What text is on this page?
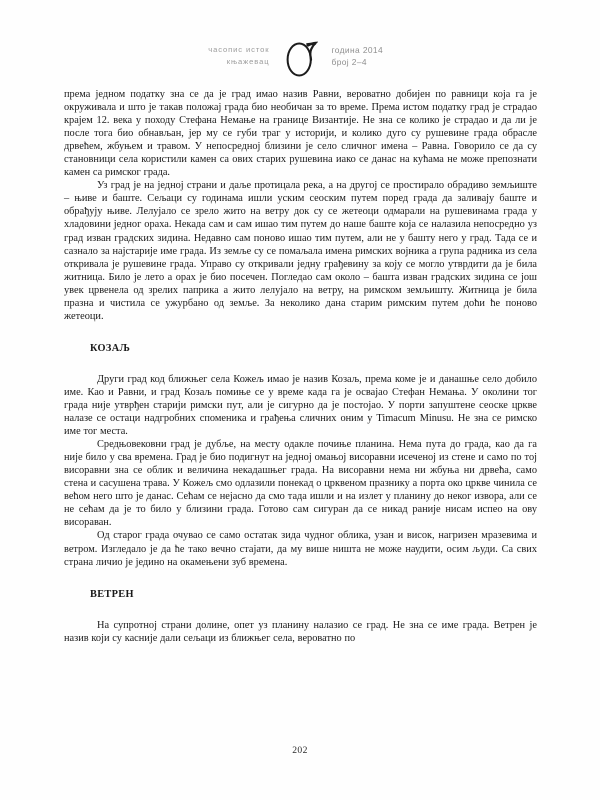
часопис исток
књажевац
година 2014
број 2–4

према једном податку зна се да је град имао назив Равни, вероватно добијен по равници која га је окруживала и што је такав положај града био необичан за то време. Према истом податку град је страдао крајем 12. века у походу Стефана Немање на границе Византије. Не зна се колико је страдао и да ли је после тога био обнављан, јер му се губи траг у историји, и колико дуго су рушевине града обрасле дрвећем, жбуњем и травом. У непосредној близини је село сличног имена – Равна. Говорило се да су становници села користили камен са ових старих рушевина иако се данас на кућама не може препознати камен са римског града.

Уз град је на једној страни и даље протицала река, а на другој се простирало обрадиво земљиште – њиве и баште. Сељаци су годинама ишли уским сеоским путем поред града да заливају баште и обрађују њиве. Лелујало се зрело жито на ветру док су се жетеоци одмарали на рушевинама града у хладовини једног ораха. Некада сам и сам ишао тим путем до наше баште која се налазила непосредно уз град изван градских зидина. Недавно сам поново ишао тим путем, али не у башту него у град. Тада се и сазнало за најстарије име града. Из земље су се помаљала имена римских војника а група радника из села откривала је рушевине града. Управо су откривали једну грађевину за коју се могло утврдити да је била житница. Било је лето а орах је био посечен. Погледао сам около – башта изван градских зидина се још увек црвенела од зрелих паприка а жито лелујало на ветру, на римском земљишту. Житница је била празна и чистила се ужурбано од земље. За неколико дана старим римским путем доћи ће поново жетеоци.

КОЗАЉ

Други град код ближњег села Кожељ имао је назив Козаљ, према коме је и данашње село добило име. Као и Равни, и град Козаљ помиње се у време када га је освајао Стефан Немања. У околини тог града није утврђен старији римски пут, али је сигурно да је постојао. У порти запуштене сеоске цркве налазе се остаци надгробних споменика и грађења сличних оним у Timacum Minusu. Не зна се римско име тог места.

Средњовековни град је дубље, на месту одакле почиње планина. Нема пута до града, као да га није било у сва времена. Град је био подигнут на једној омањој висоравни исеченој из стене и само по тој висоравни зна се облик и величина некадашњег града. На висоравни нема ни жбуња ни дрвећа, само стена и сасушена трава. У Кожељ смо одлазили понекад о црквеном празнику а порта око цркве чинила се већом него што је данас. Сећам се нејасно да смо тада ишли и на излет у планину до неког извора, али се не сећам да је то било у близини града. Готово сам сигуран да се никад раније нисам испео на ову висораван.

Од старог града очувао се само остатак зида чудног облика, узан и висок, нагризен мразевима и ветром. Изгледало је да ће тако вечно стајати, да му више ништа не може наудити, осим људи. Са свих страна личио је једино на окамењени зуб времена.

ВЕТРЕН

На супротној страни долине, опет уз планину налазио се град. Не зна се име града. Ветрен је назив који су касније дали сељаци из ближњег села, вероватно по

202
